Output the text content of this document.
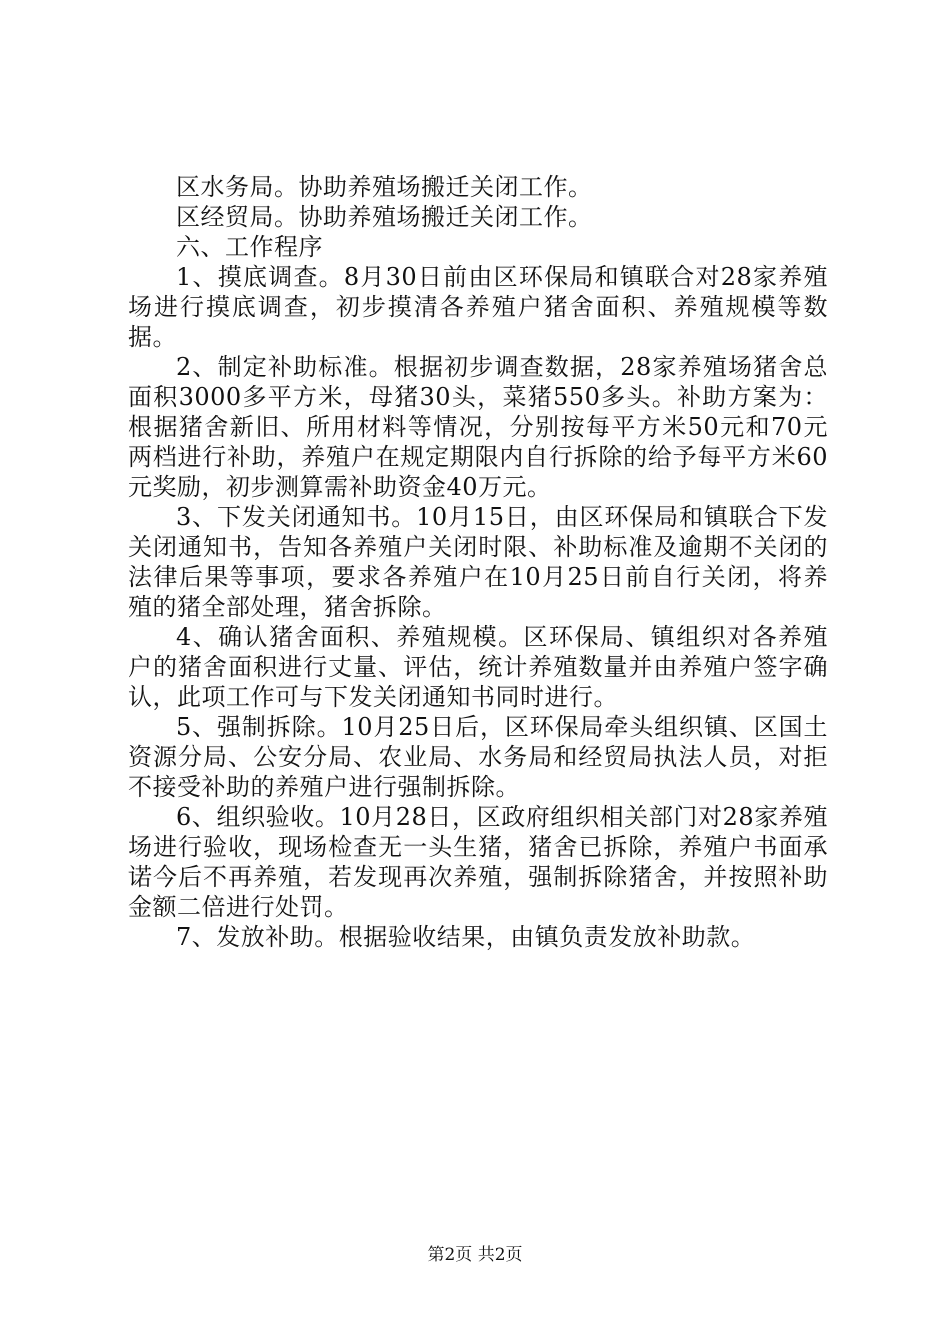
区水务局。协助养殖场搬迁关闭工作。

区经贸局。协助养殖场搬迁关闭工作。

六、工作程序

1、摸底调查。8月30日前由区环保局和镇联合对28家养殖场进行摸底调查，初步摸清各养殖户猪舍面积、养殖规模等数据。

2、制定补助标准。根据初步调查数据，28家养殖场猪舍总面积3000多平方米，母猪30头，菜猪550多头。补助方案为：根据猪舍新旧、所用材料等情况，分别按每平方米50元和70元两档进行补助，养殖户在规定期限内自行拆除的给予每平方米60元奖励，初步测算需补助资金40万元。

3、下发关闭通知书。10月15日，由区环保局和镇联合下发关闭通知书，告知各养殖户关闭时限、补助标准及逾期不关闭的法律后果等事项，要求各养殖户在10月25日前自行关闭，将养殖的猪全部处理，猪舍拆除。

4、确认猪舍面积、养殖规模。区环保局、镇组织对各养殖户的猪舍面积进行丈量、评估，统计养殖数量并由养殖户签字确认，此项工作可与下发关闭通知书同时进行。

5、强制拆除。10月25日后，区环保局牵头组织镇、区国土资源分局、公安分局、农业局、水务局和经贸局执法人员，对拒不接受补助的养殖户进行强制拆除。

6、组织验收。10月28日，区政府组织相关部门对28家养殖场进行验收，现场检查无一头生猪，猪舍已拆除，养殖户书面承诺今后不再养殖，若发现再次养殖，强制拆除猪舍，并按照补助金额二倍进行处罚。

7、发放补助。根据验收结果，由镇负责发放补助款。

第2页 共2页
